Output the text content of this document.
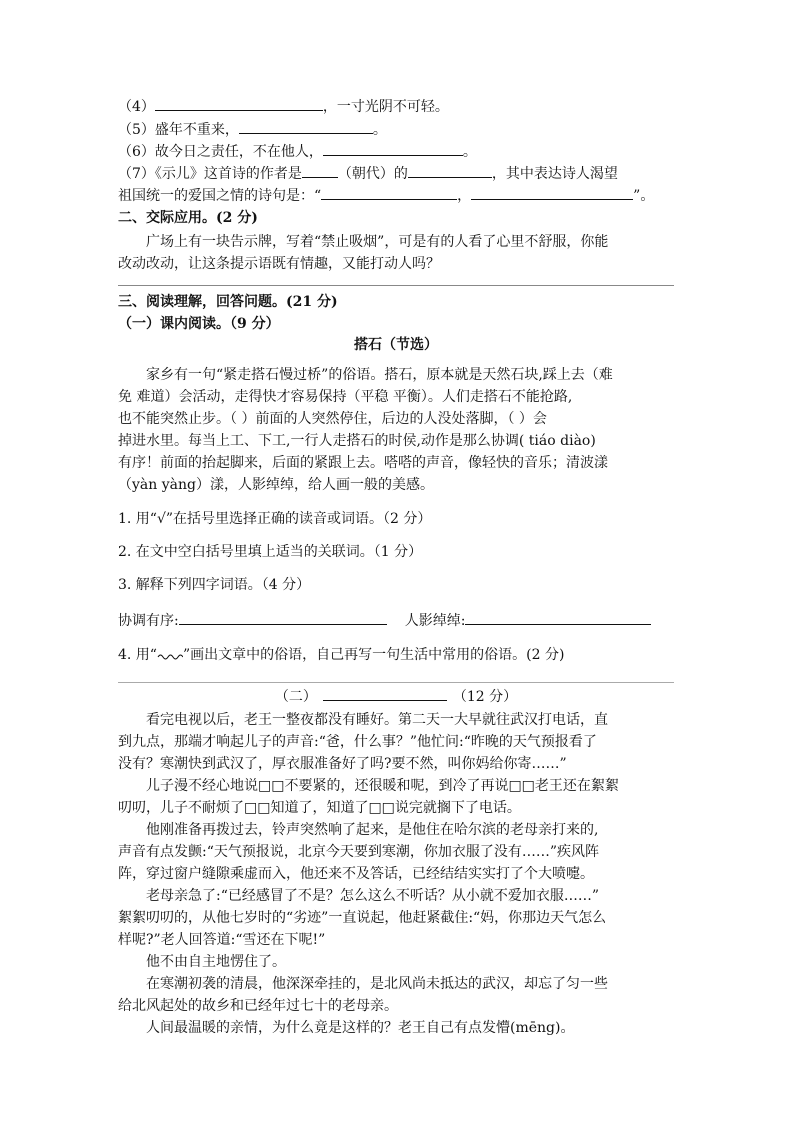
（4）	，一寸光阴不可轻。
（5）盛年不重来，	。
（6）故今日之责任，不在他人，	。
（7）《示儿》这首诗的作者是	（朝代）的	，其中表达诗人渴望
祖国统一的爱国之情的诗句是：“	，	”。
二、交际应用。(2 分)
广场上有一块告示牌，写着“禁止吸烟”，可是有的人看了心里不舒服，你能
改动改动，让这条提示语既有情趣，又能打动人吗？
三、阅读理解，回答问题。(21 分)
（一）课内阅读。（9 分）
搭石（节选）
家乡有一句“紧走搭石慢过桥”的俗语。搭石，原本就是天然石块,踩上去（难
免 难道）会活动，走得快才容易保持（平稳 平衡）。人们走搭石不能抢路,
也不能突然止步。（ ）前面的人突然停住，后边的人没处落脚，（ ）会
掉进水里。每当上工、下工,一行人走搭石的时侯,动作是那么协调( tiáo diào)
有序！前面的抬起脚来，后面的紧跟上去。嗒嗒的声音，像轻快的音乐；清波漾
（yàn yàng）漾，人影绰绰，给人画一般的美感。
1. 用“√”在括号里选择正确的读音或词语。（2 分）
2. 在文中空白括号里填上适当的关联词。（1 分）
3. 解释下列四字词语。（4 分）
协调有序:	人影绰绰:
4. 用“ ”画出文章中的俗语，自己再写一句生活中常用的俗语。(2 分)
（二）	（12 分）
看完电视以后，老王一整夜都没有睡好。第二天一大早就往武汉打电话，直
到九点，那端才响起儿子的声音:“爸，什么事？”他忙问:“昨晚的天气预报看了
没有？寒潮快到武汉了，厚衣服准备好了吗?要不然，叫你妈给你寄……”
儿子漫不经心地说□□不要紧的，还很暖和呢，到冷了再说□□老王还在絮絮
叨叨，儿子不耐烦了□□知道了，知道了□□说完就搁下了电话。
他刚准备再拨过去，铃声突然响了起来，是他住在哈尔滨的老母亲打来的,
声音有点发颤:“天气预报说，北京今天要到寒潮，你加衣服了没有……”疾风阵
阵，穿过窗户缝隙乘虚而入，他还来不及答话，已经结结实实打了个大喷嚏。
老母亲急了:“已经感冒了不是？怎么这么不听话？从小就不爱加衣服……”
絮絮叨叨的，从他七岁时的“劣迹”一直说起，他赶紧截住:“妈，你那边天气怎么
样呢?”老人回答道:“雪还在下呢!”
他不由自主地愣住了。
在寒潮初袭的清晨，他深深牵挂的，是北风尚未抵达的武汉，却忘了匀一些
给北风起处的故乡和已经年过七十的老母亲。
人间最温暖的亲情，为什么竟是这样的？老王自己有点发懵(mēng)。
